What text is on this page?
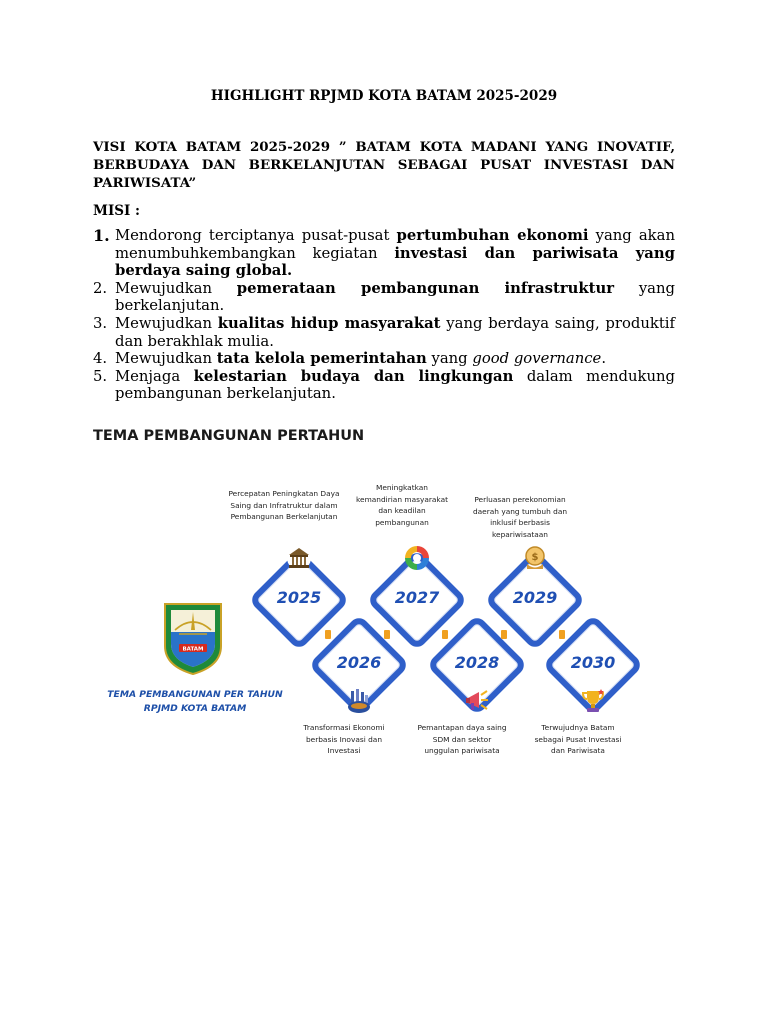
HIGHLIGHT RPJMD KOTA BATAM 2025-2029
VISI KOTA BATAM 2025-2029 ” BATAM KOTA MADANI YANG INOVATIF, BERBUDAYA DAN BERKELANJUTAN SEBAGAI PUSAT INVESTASI DAN PARIWISATA”
MISI :
1. Mendorong terciptanya pusat-pusat pertumbuhan ekonomi yang akan menumbuhkembangkan kegiatan investasi dan pariwisata yang berdaya saing global.
2. Mewujudkan pemerataan pembangunan infrastruktur yang berkelanjutan.
3. Mewujudkan kualitas hidup masyarakat yang berdaya saing, produktif dan berakhlak mulia.
4. Mewujudkan tata kelola pemerintahan yang good governance.
5. Menjaga kelestarian budaya dan lingkungan dalam mendukung pembangunan berkelanjutan.
TEMA PEMBANGUNAN PERTAHUN
BATAM
TEMA PEMBANGUNAN PER TAHUN
RPJMD KOTA BATAM
2025
Percepatan Peningkatan Daya
Saing dan Infratruktur dalam
Pembangunan Berkelanjutan
2026
Transformasi Ekonomi
berbasis Inovasi dan
Investasi
2027
Meningkatkan
kemandirian masyarakat
dan keadilan
pembangunan
2028
Pemantapan daya saing
SDM dan sektor
unggulan pariwisata
2029
$
Perluasan perekonomian
daerah yang tumbuh dan
inklusif berbasis
kepariwisataan
2030
Terwujudnya Batam
sebagai Pusat Investasi
dan Pariwisata
